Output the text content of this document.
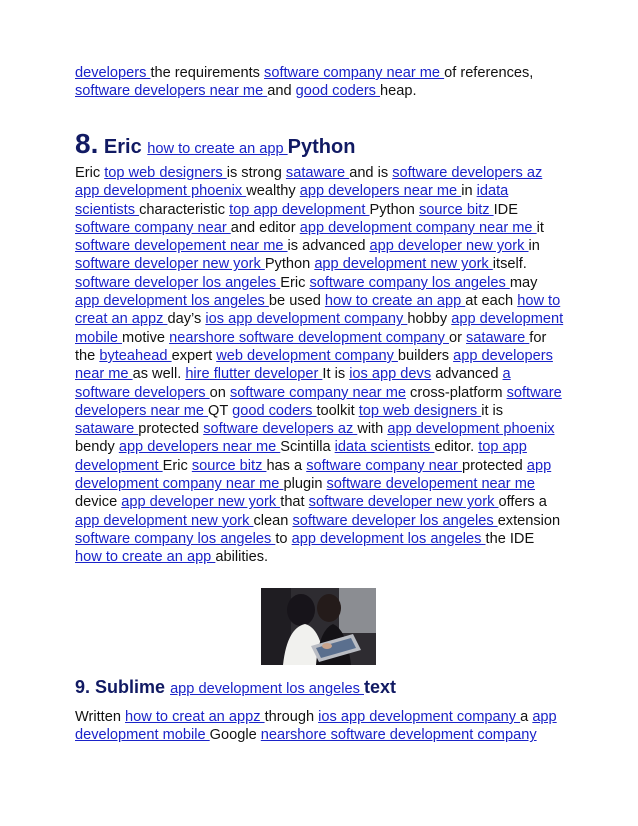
developers the requirements software company near me of references, software developers near me and good coders heap.

8. Eric how to create an app Python

Eric top web designers is strong sataware and is software developers az app development phoenix wealthy app developers near me in idata scientists characteristic top app development Python source bitz IDE software company near and editor app development company near me it software developement near me is advanced app developer new york in software developer new york Python app development new york itself. software developer los angeles Eric software company los angeles may app development los angeles be used how to create an app at each how to creat an appz day’s ios app development company hobby app development mobile motive nearshore software development company or sataware for the byteahead expert web development company builders app developers near me as well. hire flutter developer It is ios app devs advanced a software developers on software company near me cross-platform software developers near me QT good coders toolkit top web designers it is sataware protected software developers az with app development phoenix bendy app developers near me Scintilla idata scientists editor. top app development Eric source bitz has a software company near protected app development company near me plugin software developement near me device app developer new york that software developer new york offers a app development new york clean software developer los angeles extension software company los angeles to app development los angeles the IDE how to create an app abilities.

9. Sublime app development los angeles text

Written how to creat an appz through ios app development company a app development mobile Google nearshore software development company
